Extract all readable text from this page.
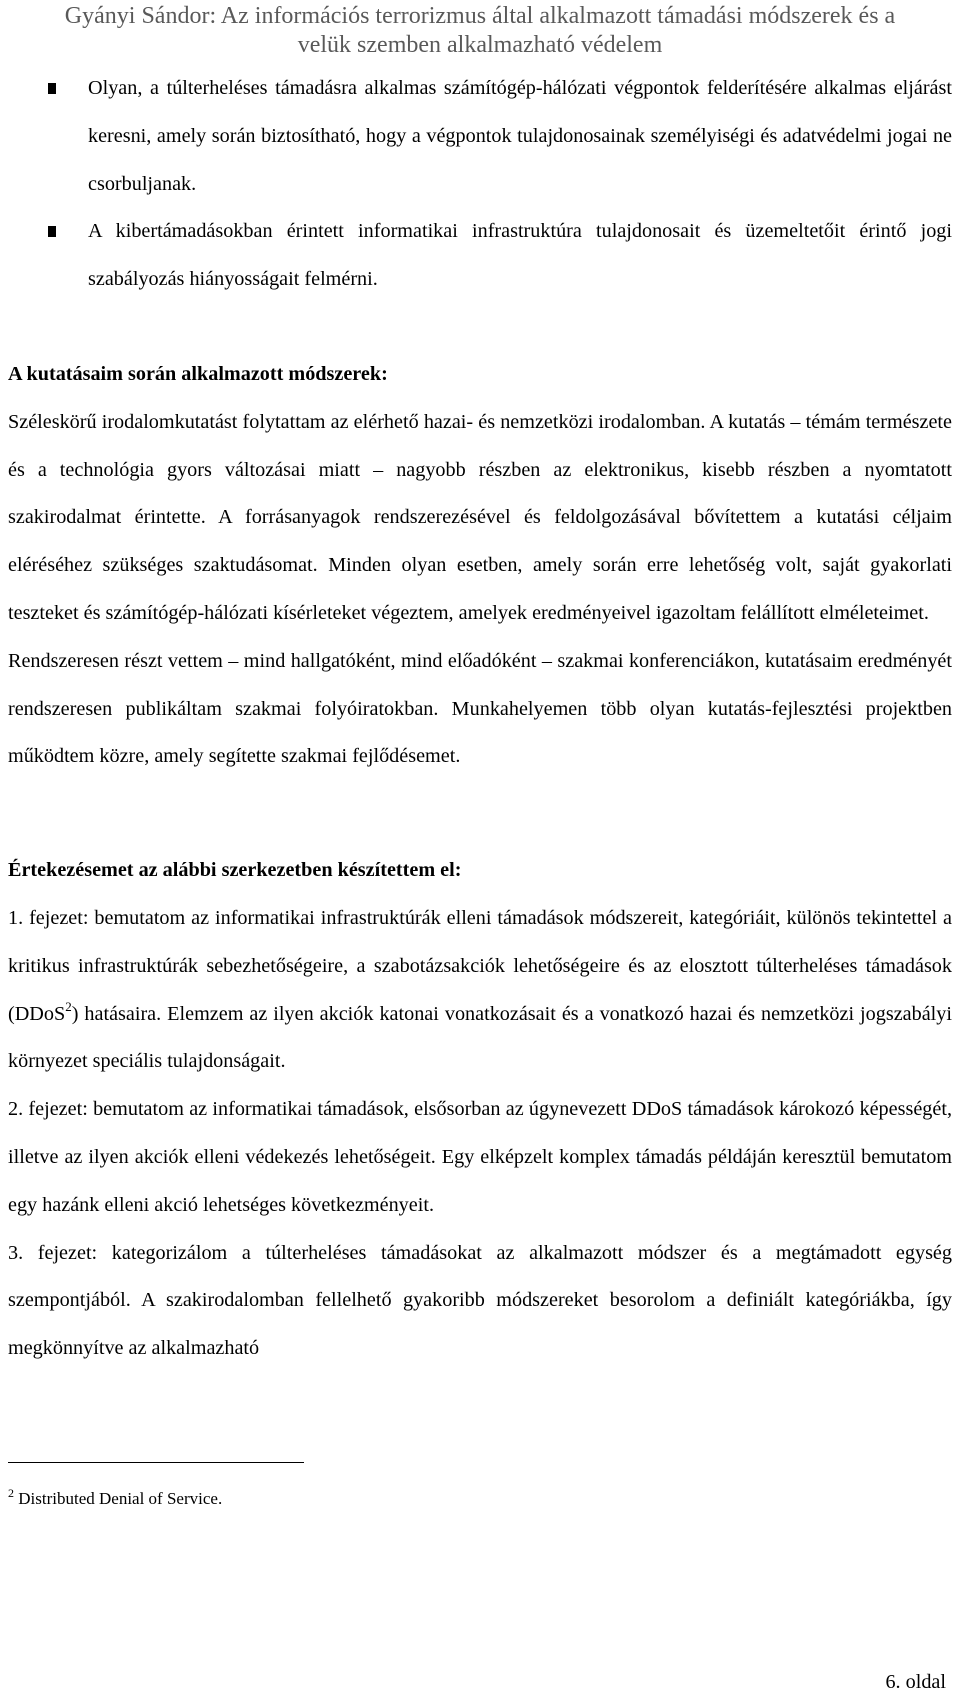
Gyányi Sándor: Az információs terrorizmus által alkalmazott támadási módszerek és a
velük szemben alkalmazható védelem
Olyan, a túlterheléses támadásra alkalmas számítógép-hálózati végpontok felderítésére alkalmas eljárást keresni, amely során biztosítható, hogy a végpontok tulajdonosainak személyiségi és adatvédelmi jogai ne csorbuljanak.
A kibertámadásokban érintett informatikai infrastruktúra tulajdonosait és üzemeltetőit érintő jogi szabályozás hiányosságait felmérni.

A kutatásaim során alkalmazott módszerek:

Széleskörű irodalomkutatást folytattam az elérhető hazai- és nemzetközi irodalomban. A kutatás – témám természete és a technológia gyors változásai miatt – nagyobb részben az elektronikus, kisebb részben a nyomtatott szakirodalmat érintette. A forrásanyagok rendszerezésével és feldolgozásával bővítettem a kutatási céljaim eléréséhez szükséges szaktudásomat. Minden olyan esetben, amely során erre lehetőség volt, saját gyakorlati teszteket és számítógép-hálózati kísérleteket végeztem, amelyek eredményeivel igazoltam felállított elméleteimet.

Rendszeresen részt vettem – mind hallgatóként, mind előadóként – szakmai konferenciákon, kutatásaim eredményét rendszeresen publikáltam szakmai folyóiratokban. Munkahelyemen több olyan kutatás-fejlesztési projektben működtem közre, amely segítette szakmai fejlődésemet.

Értekezésemet az alábbi szerkezetben készítettem el:

1. fejezet: bemutatom az informatikai infrastruktúrák elleni támadások módszereit, kategóriáit, különös tekintettel a kritikus infrastruktúrák sebezhetőségeire, a szabotázsakciók lehetőségeire és az elosztott túlterheléses támadások (DDoS$^2$) hatásaira. Elemzem az ilyen akciók katonai vonatkozásait és a vonatkozó hazai és nemzetközi jogszabályi környezet speciális tulajdonságait.

2. fejezet: bemutatom az informatikai támadások, elsősorban az úgynevezett DDoS támadások károkozó képességét, illetve az ilyen akciók elleni védekezés lehetőségeit. Egy elképzelt komplex támadás példáján keresztül bemutatom egy hazánk elleni akció lehetséges következményeit.

3. fejezet: kategorizálom a túlterheléses támadásokat az alkalmazott módszer és a megtámadott egység szempontjából. A szakirodalomban fellelhető gyakoribb módszereket besorolom a definiált kategóriákba, így megkönnyítve az alkalmazható

$^2$ Distributed Denial of Service.
6. oldal
